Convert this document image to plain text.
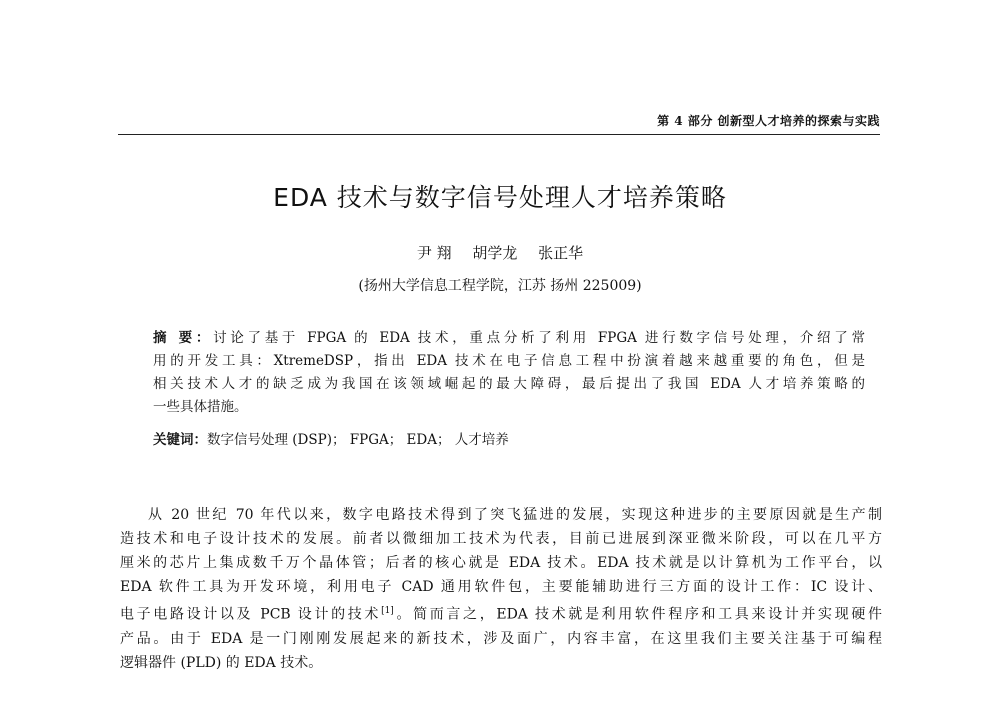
第 4 部分 创新型人才培养的探索与实践
EDA 技术与数字信号处理人才培养策略
尹 翔 胡学龙 张正华
(扬州大学信息工程学院，江苏 扬州 225009)
摘 要：讨论了基于 FPGA 的 EDA 技术，重点分析了利用 FPGA 进行数字信号处理，介绍了常
用的开发工具：XtremeDSP，指出 EDA 技术在电子信息工程中扮演着越来越重要的角色，但是
相关技术人才的缺乏成为我国在该领域崛起的最大障碍，最后提出了我国 EDA 人才培养策略的
一些具体措施。
关键词：数字信号处理 (DSP)； FPGA； EDA； 人才培养
从 20 世纪 70 年代以来，数字电路技术得到了突飞猛进的发展，实现这种进步的主要原因就是生产制
造技术和电子设计技术的发展。前者以微细加工技术为代表，目前已进展到深亚微米阶段，可以在几平方
厘米的芯片上集成数千万个晶体管；后者的核心就是 EDA 技术。EDA 技术就是以计算机为工作平台，以
EDA 软件工具为开发环境，利用电子 CAD 通用软件包，主要能辅助进行三方面的设计工作：IC 设计、
电子电路设计以及 PCB 设计的技术[1]。简而言之，EDA 技术就是利用软件程序和工具来设计并实现硬件
产品。由于 EDA 是一门刚刚发展起来的新技术，涉及面广，内容丰富，在这里我们主要关注基于可编程
逻辑器件 (PLD) 的 EDA 技术。
